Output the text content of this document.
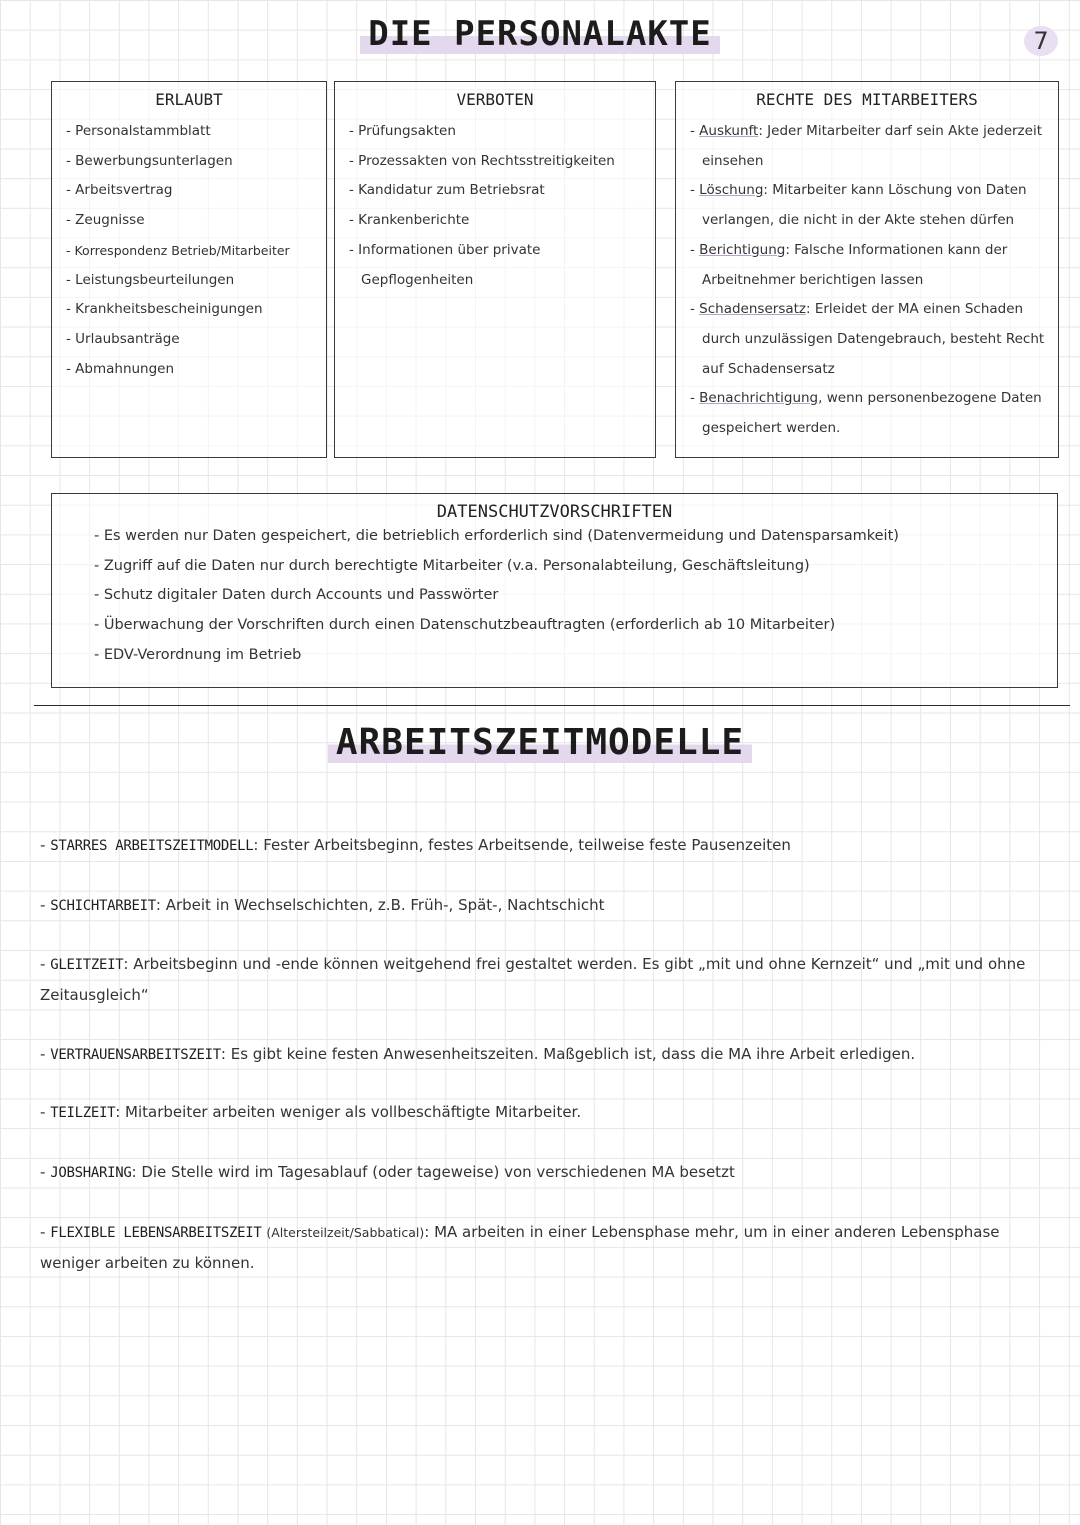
7
DIE PERSONALAKTE
ERLAUBT
- Personalstammblatt
- Bewerbungsunterlagen
- Arbeitsvertrag
- Zeugnisse
- Korrespondenz Betrieb/Mitarbeiter
- Leistungsbeurteilungen
- Krankheitsbescheinigungen
- Urlaubsanträge
- Abmahnungen
VERBOTEN
- Prüfungsakten
- Prozessakten von Rechtsstreitigkeiten
- Kandidatur zum Betriebsrat
- Krankenberichte
- Informationen über private Gepflogenheiten
RECHTE DES MITARBEITERS
- Auskunft: Jeder Mitarbeiter darf sein Akte jederzeit einsehen
- Löschung: Mitarbeiter kann Löschung von Daten verlangen, die nicht in der Akte stehen dürfen
- Berichtigung: Falsche Informationen kann der Arbeitnehmer berichtigen lassen
- Schadensersatz: Erleidet der MA einen Schaden durch unzulässigen Datengebrauch, besteht Recht auf Schadensersatz
- Benachrichtigung, wenn personenbezogene Daten gespeichert werden.
DATENSCHUTZVORSCHRIFTEN
- Es werden nur Daten gespeichert, die betrieblich erforderlich sind (Datenvermeidung und Datensparsamkeit)
- Zugriff auf die Daten nur durch berechtigte Mitarbeiter (v.a. Personalabteilung, Geschäftsleitung)
- Schutz digitaler Daten durch Accounts und Passwörter
- Überwachung der Vorschriften durch einen Datenschutzbeauftragten (erforderlich ab 10 Mitarbeiter)
- EDV-Verordnung im Betrieb
ARBEITSZEITMODELLE
- STARRES ARBEITSZEITMODELL: Fester Arbeitsbeginn, festes Arbeitsende, teilweise feste Pausenzeiten
- SCHICHTARBEIT: Arbeit in Wechselschichten, z.B. Früh-, Spät-, Nachtschicht
- GLEITZEIT: Arbeitsbeginn und -ende können weitgehend frei gestaltet werden. Es gibt „mit und ohne Kernzeit“ und „mit und ohne Zeitausgleich“
- VERTRAUENSARBEITSZEIT: Es gibt keine festen Anwesenheitszeiten. Maßgeblich ist, dass die MA ihre Arbeit erledigen.
- TEILZEIT: Mitarbeiter arbeiten weniger als vollbeschäftigte Mitarbeiter.
- JOBSHARING: Die Stelle wird im Tagesablauf (oder tageweise) von verschiedenen MA besetzt
- FLEXIBLE LEBENSARBEITSZEIT (Altersteilzeit/Sabbatical): MA arbeiten in einer Lebensphase mehr, um in einer anderen Lebensphase weniger arbeiten zu können.
